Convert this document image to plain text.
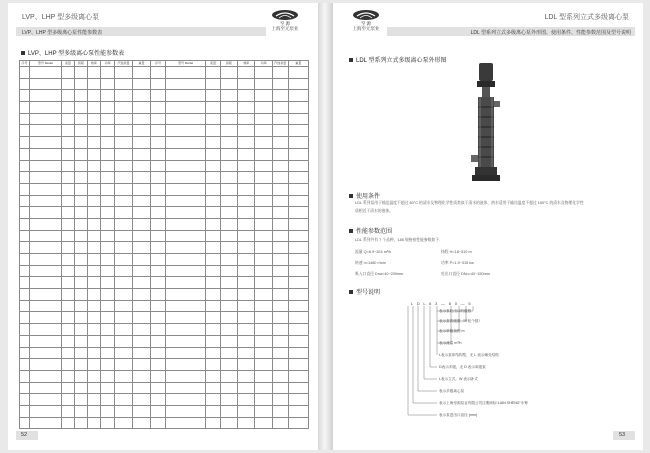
LVP、LHP 型多级离心泵
至 源
上海至元泵业
LVP、LHP 型多级离心泵性能参数表
LVP、LHP 型多级离心泵性能参数表
序号	型号 Model	流量	扬程	效率	功率	汽蚀余量	重量	序号	型号 Model	流量	扬程	效率	功率	汽蚀余量	重量

52
至 源
上海至元泵业
LDL 型系列立式多级离心泵
LDL 型系列立式多级离心泵外形图、使用条件、性能参数范围及型号说明
LDL 型系列立式多级离心泵外形图
使用条件
LDL 系列泵用于输送温度不超过 80°C 的清水及物理化学性质类似于清水的液体，热水适用于输送温度不超过 150°C 的清水及物理化学性
质相近于清水的液体。
性能参数范围
LDL 系列共有 7 个品种，185 规格按性能参数如下：
流量 Q=6.9~324 m³/h	扬程 H=18~310 m
转速 n=1480 r/min	功率 P=1.5~315 kw
吸入口直径 Dna=40~200mm	吐出口直径 DNn=40~150mm
型号说明
L D L 6 3 — 8 0 — 5
表示泵吐出口的级数
表示泵的级数（叶轮个数）
表示单级扬程 m
表示流量 m³/h
L表示泵体结构型，无 L 表示蜗壳结构
D表示多级，无 D 表示单级泵
L表示立式，W 表示卧式
表示多级离心泵
表示上海至源泵业有限公司注册商标“LIAN SHENG”永筹
表示泵进出口直径 (mm)
53
